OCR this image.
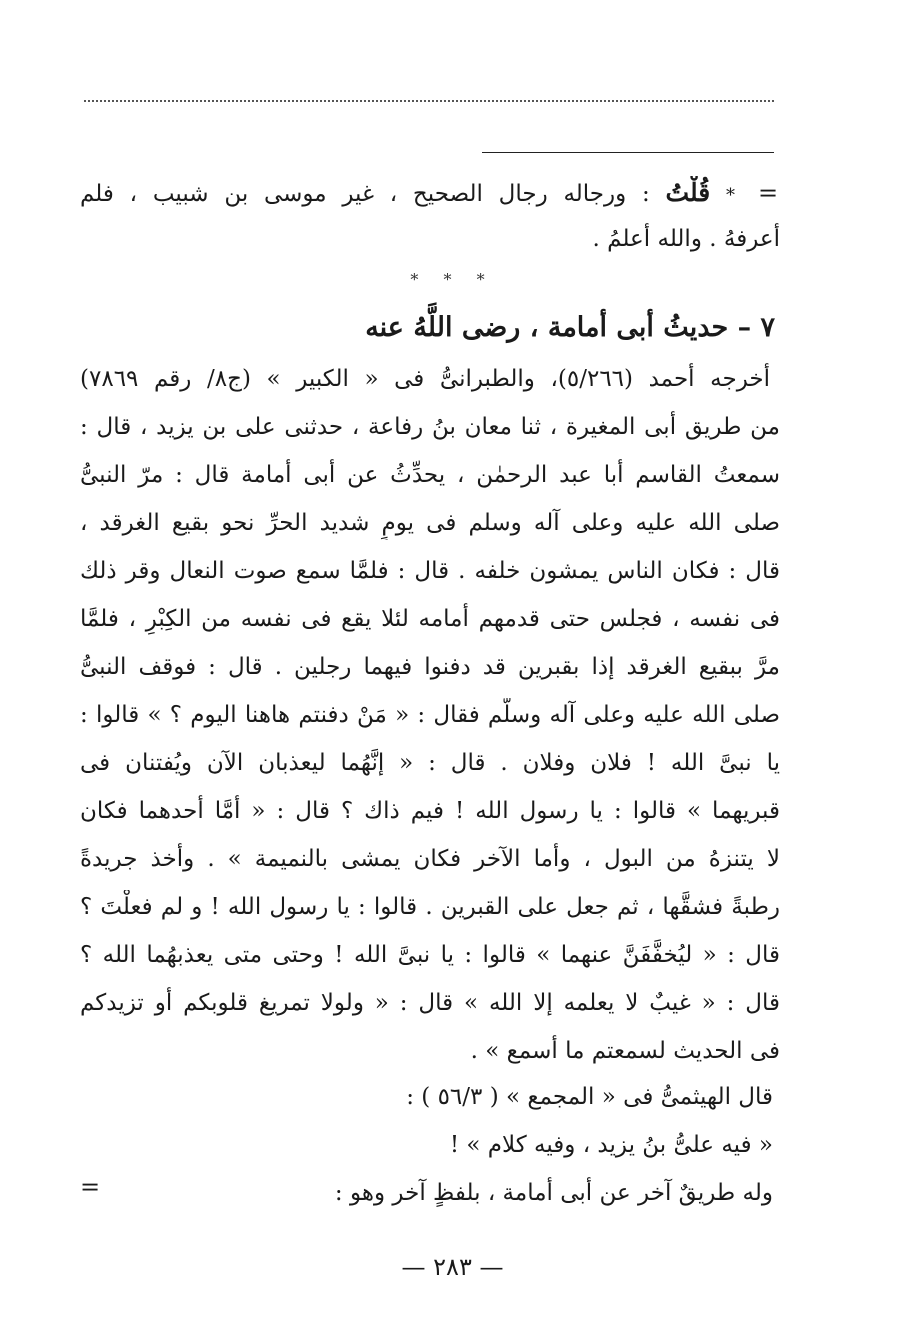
=
* قُلْتُ : ورجاله رجال الصحيح ، غير موسى بن شبيب ، فلم
أعرفهُ . والله أعلمُ .
* * *
٧ – حديثُ أبى أمامة ، رضى اللَّهُ عنه
أخرجه أحمد (٥/٢٦٦)، والطبرانىُّ فى « الكبير » (ج٨/ رقم ٧٨٦٩)
من طريق أبى المغيرة ، ثنا معان بنُ رفاعة ، حدثنى على بن يزيد ، قال :
سمعتُ القاسم أبا عبد الرحمٰن ، يحدِّثُ عن أبى أمامة قال : مرّ النبىُّ
صلى الله عليه وعلى آله وسلم فى يومٍ شديد الحرِّ نحو بقيع الغرقد ،
قال : فكان الناس يمشون خلفه . قال : فلمَّا سمع صوت النعال وقر ذلك
فى نفسه ، فجلس حتى قدمهم أمامه لئلا يقع فى نفسه من الكِبْرِ ، فلمَّا
مرَّ ببقيع الغرقد إذا بقبرين قد دفنوا فيهما رجلين . قال : فوقف النبىُّ
صلى الله عليه وعلى آله وسلَّم فقال : « مَنْ دفنتم هاهنا اليوم ؟ » قالوا :
يا نبىَّ الله ! فلان وفلان . قال : « إنَّهُما ليعذبان الآن ويُفتنان فى
قبريهما » قالوا : يا رسول الله ! فيم ذاك ؟ قال : « أمَّا أحدهما فكان
لا يتنزهُ من البول ، وأما الآخر فكان يمشى بالنميمة » . وأخذ جريدةً
رطبةً فشقَّها ، ثم جعل على القبرين . قالوا : يا رسول الله ! و لم فعلْتَ ؟
قال : « ليُخفَّفَنَّ عنهما » قالوا : يا نبىَّ الله ! وحتى متى يعذبهُما الله ؟
قال : « غيبٌ لا يعلمه إلا الله » قال : « ولولا تمريغ قلوبكم أو تزيدكم
فى الحديث لسمعتم ما أسمع » .
قال الهيثمىُّ فى « المجمع » ( ٥٦/٣ ) :
« فيه علىُّ بنُ يزيد ، وفيه كلام » !
وله طريقٌ آخر عن أبى أمامة ، بلفظٍ آخر وهو :
=
— ٢٨٣ —
